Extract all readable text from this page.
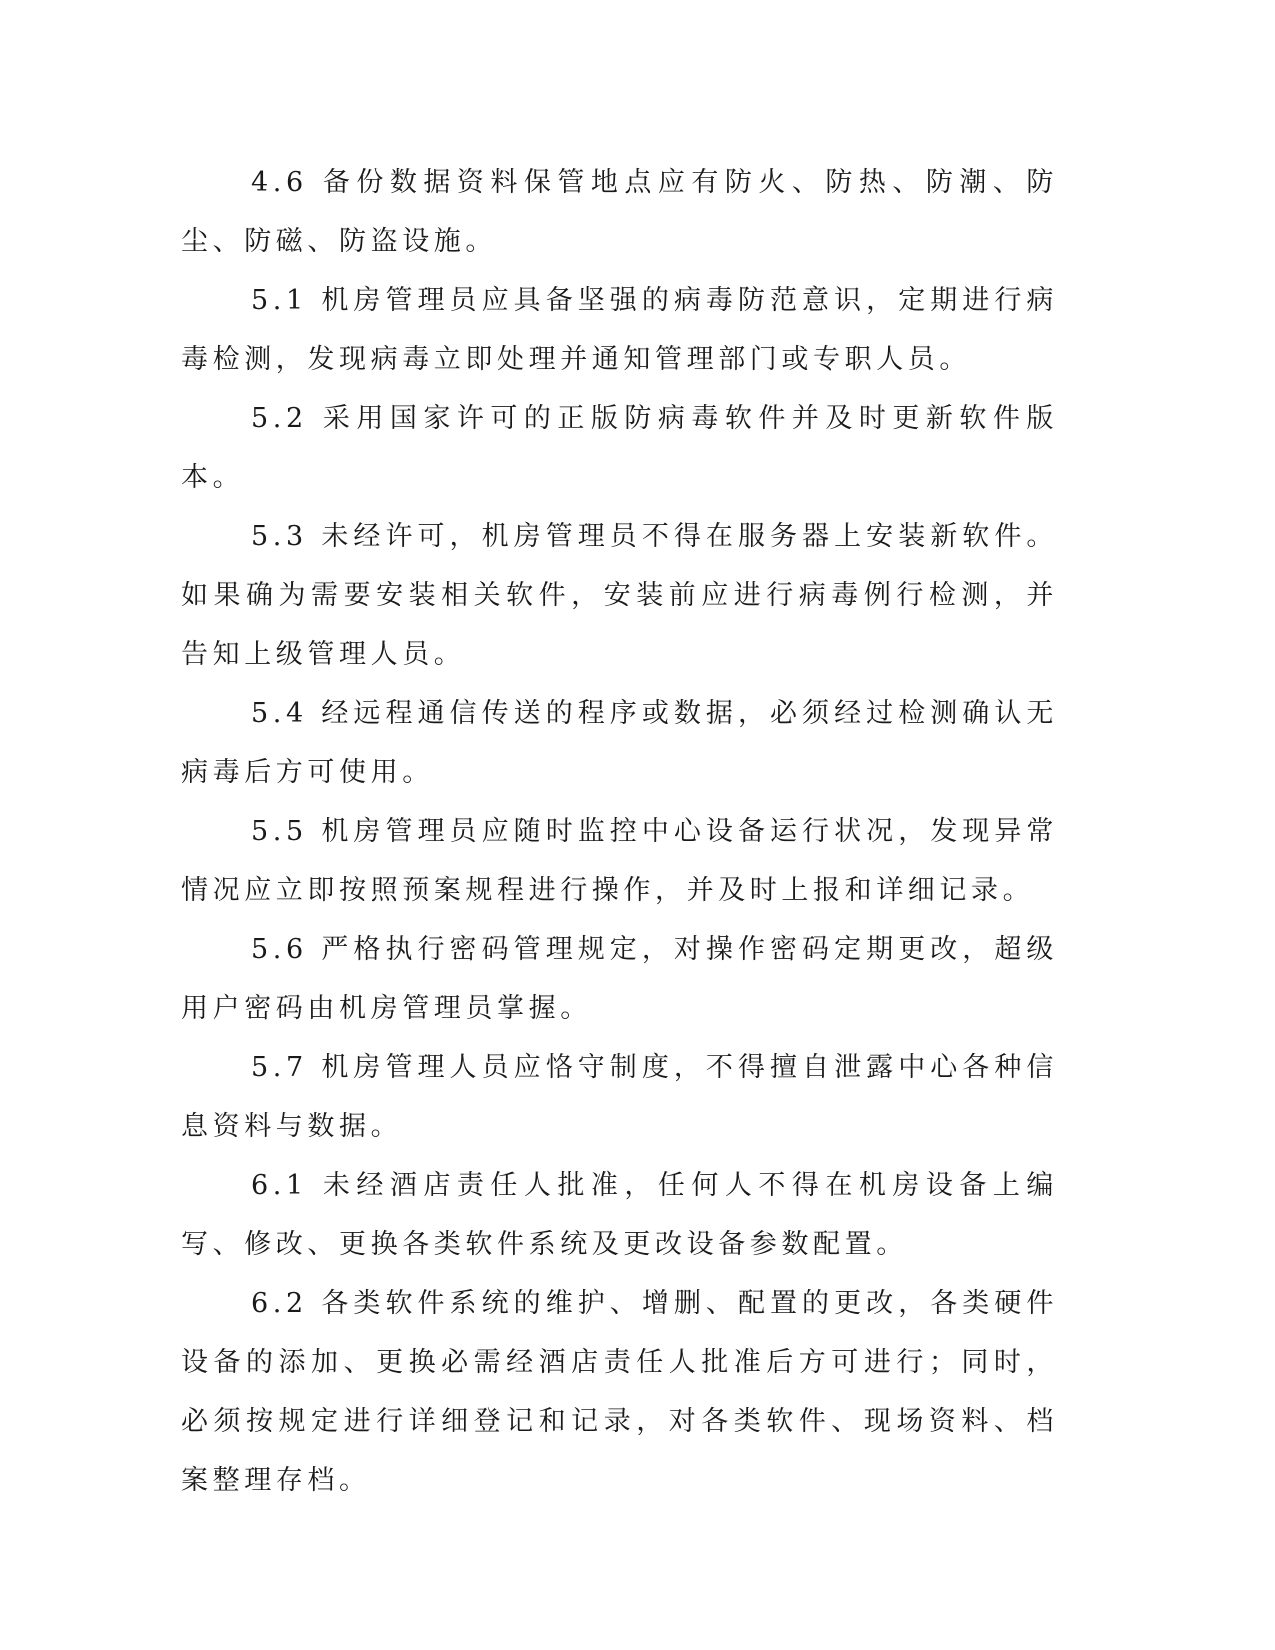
4.6 备份数据资料保管地点应有防火、防热、防潮、防尘、防磁、防盗设施。

5.1 机房管理员应具备坚强的病毒防范意识，定期进行病毒检测，发现病毒立即处理并通知管理部门或专职人员。

5.2 采用国家许可的正版防病毒软件并及时更新软件版本。

5.3 未经许可，机房管理员不得在服务器上安装新软件。如果确为需要安装相关软件，安装前应进行病毒例行检测，并告知上级管理人员。

5.4 经远程通信传送的程序或数据，必须经过检测确认无病毒后方可使用。

5.5 机房管理员应随时监控中心设备运行状况，发现异常情况应立即按照预案规程进行操作，并及时上报和详细记录。

5.6 严格执行密码管理规定，对操作密码定期更改，超级用户密码由机房管理员掌握。

5.7 机房管理人员应恪守制度，不得擅自泄露中心各种信息资料与数据。

6.1 未经酒店责任人批准，任何人不得在机房设备上编写、修改、更换各类软件系统及更改设备参数配置。

6.2 各类软件系统的维护、增删、配置的更改，各类硬件设备的添加、更换必需经酒店责任人批准后方可进行；同时，必须按规定进行详细登记和记录，对各类软件、现场资料、档案整理存档。
